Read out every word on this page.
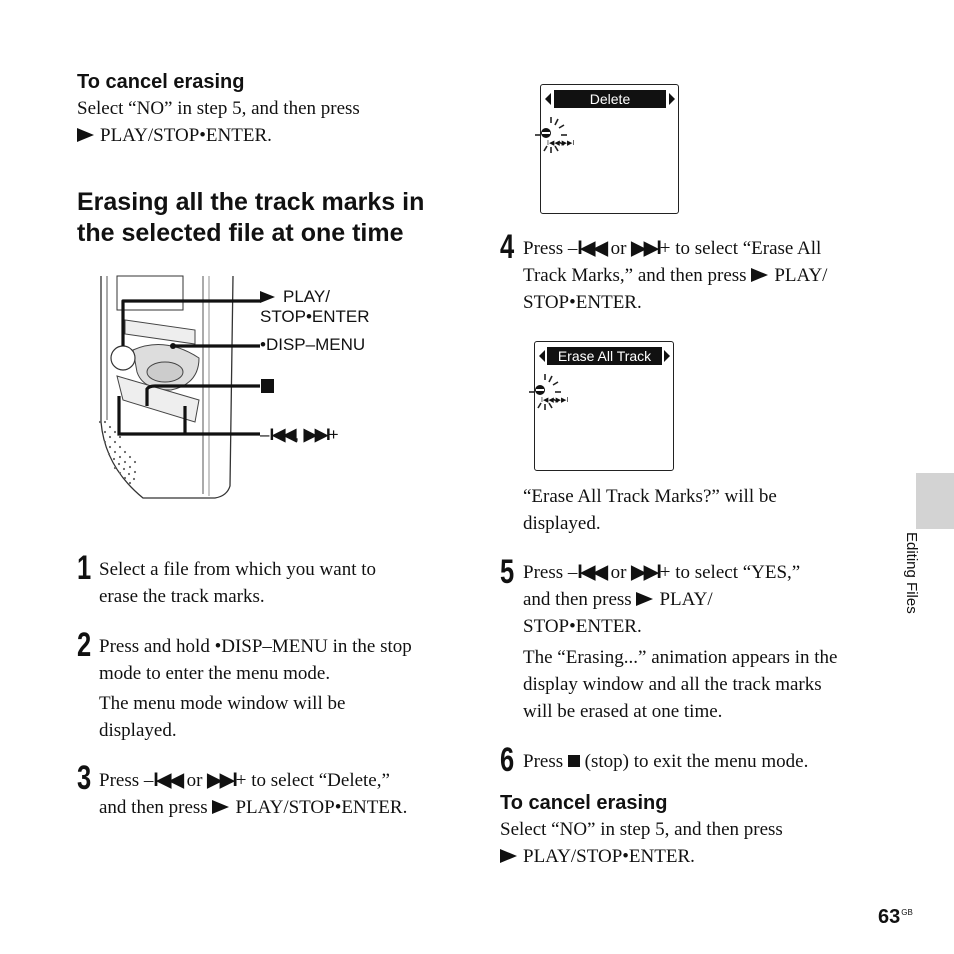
To cancel erasing
Select “NO” in step 5, and then press
PLAY/STOP•ENTER.
Erasing all the track marks in
the selected file at one time
PLAY/
STOP•ENTER
•DISP–MENU
–I◀◀, ▶▶I+
1 Select a file from which you want to
erase the track marks.
2 Press and hold •DISP–MENU in the stop
mode to enter the menu mode.
The menu mode window will be
displayed.
3 Press –I◀◀ or ▶▶I+ to select “Delete,”
and then press PLAY/STOP•ENTER.
Delete
I◀◀ ▶▶I
4 Press –I◀◀ or ▶▶I+ to select “Erase All
Track Marks,” and then press PLAY/
STOP•ENTER.
Erase All Track
I◀◀ ▶▶I
“Erase All Track Marks?” will be
displayed.
5 Press –I◀◀ or ▶▶I+ to select “YES,”
and then press PLAY/
STOP•ENTER.
The “Erasing...” animation appears in the
display window and all the track marks
will be erased at one time.
6 Press (stop) to exit the menu mode.
To cancel erasing
Select “NO” in step 5, and then press
PLAY/STOP•ENTER.
Editing Files
$63^{GB}$
